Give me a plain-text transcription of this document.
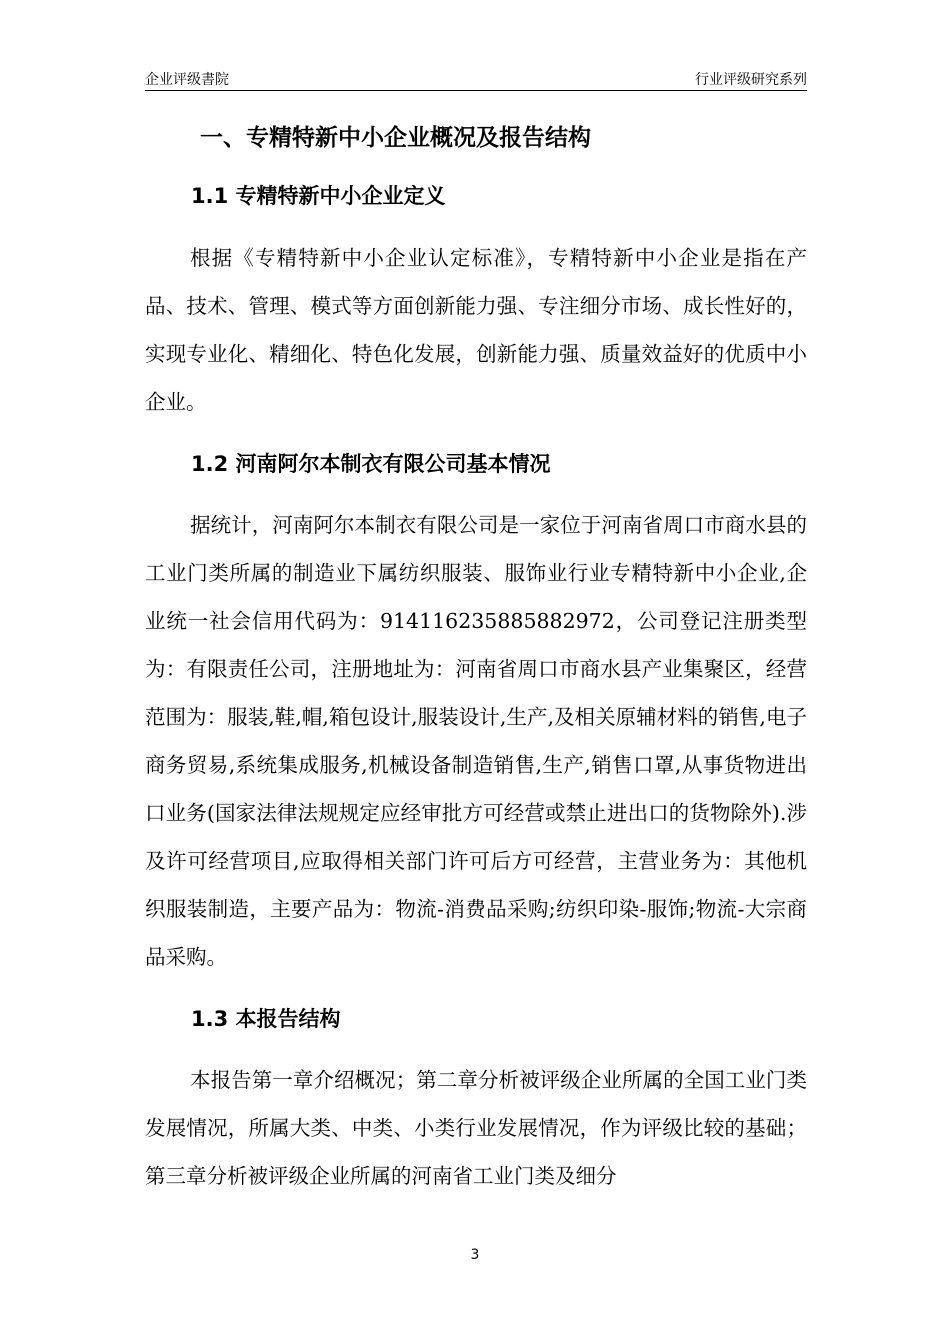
企业评级書院	行业评级研究系列
一、专精特新中小企业概况及报告结构
1.1 专精特新中小企业定义

根据《专精特新中小企业认定标准》，专精特新中小企业是指在产品、技术、管理、模式等方面创新能力强、专注细分市场、成长性好的，实现专业化、精细化、特色化发展，创新能力强、质量效益好的优质中小企业。

1.2 河南阿尔本制衣有限公司基本情况

据统计，河南阿尔本制衣有限公司是一家位于河南省周口市商水县的工业门类所属的制造业下属纺织服装、服饰业行业专精特新中小企业,企业统一社会信用代码为：91411623588588297​2，公司登记注册类型为：有限责任公司，注册地址为：河南省周口市商水县产业集聚区，经营范围为：服装,鞋,帽,箱包设计,服装设计,生产,及相关原辅材料的销售,电子商务贸易,系统集成服务,机械设备制造销售,生产,销售口罩,从事货物进出口业务(国家法律法规规定应经审批方可经营或禁止进出口的货物除外).涉及许可经营项目,应取得相关部门许可后方可经营，主营业务为：其他机织服装制造，主要产品为：物流-消费品采购;纺织印染-服饰;物流-大宗商品采购。

1.3 本报告结构

本报告第一章介绍概况；第二章分析被评级企业所属的全国工业门类发展情况，所属大类、中类、小类行业发展情况，作为评级比较的基础；第三章分析被评级企业所属的河南省工业门类及细分

3
